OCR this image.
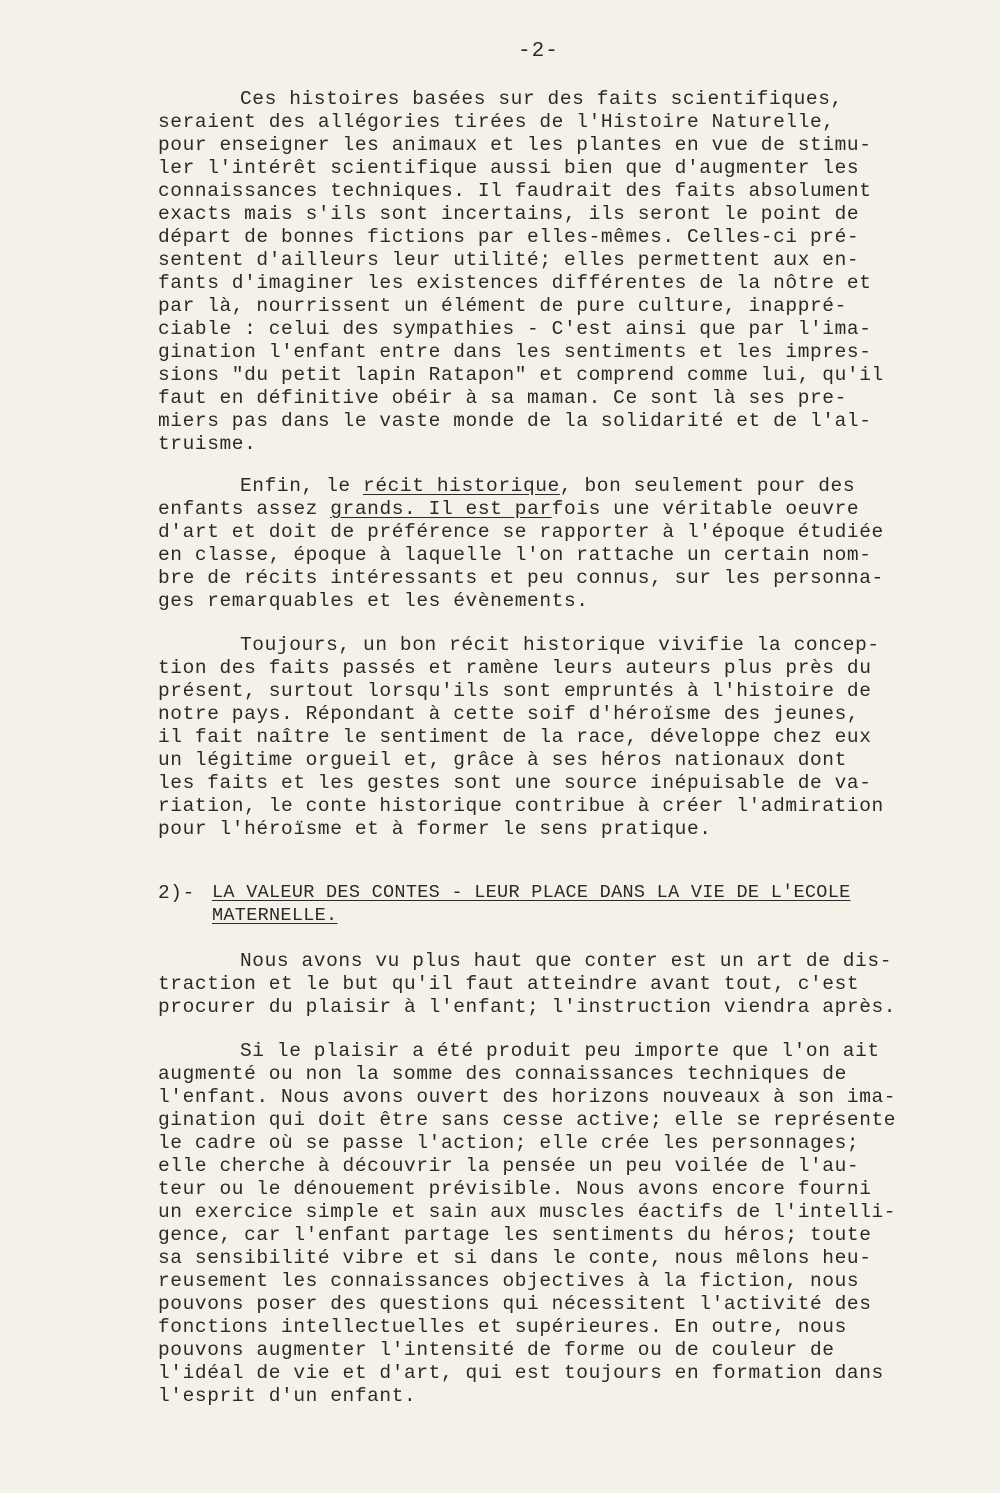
-2-
Ces histoires basées sur des faits scientifiques,
seraient des allégories tirées de l'Histoire Naturelle,
pour enseigner les animaux et les plantes en vue de stimu-
ler l'intérêt scientifique aussi bien que d'augmenter les
connaissances techniques. Il faudrait des faits absolument
exacts mais s'ils sont incertains, ils seront le point de
départ de bonnes fictions par elles-mêmes. Celles-ci pré-
sentent d'ailleurs leur utilité; elles permettent aux en-
fants d'imaginer les existences différentes de la nôtre et
par là, nourrissent un élément de pure culture, inappré-
ciable : celui des sympathies - C'est ainsi que par l'ima-
gination l'enfant entre dans les sentiments et les impres-
sions "du petit lapin Ratapon" et comprend comme lui, qu'il
faut en définitive obéir à sa maman. Ce sont là ses pre-
miers pas dans le vaste monde de la solidarité et de l'al-
truisme.
Enfin, le récit historique, bon seulement pour des
enfants assez grands. Il est parfois une véritable oeuvre
d'art et doit de préférence se rapporter à l'époque étudiée
en classe, époque à laquelle l'on rattache un certain nom-
bre de récits intéressants et peu connus, sur les personna-
ges remarquables et les évènements.
Toujours, un bon récit historique vivifie la concep-
tion des faits passés et ramène leurs auteurs plus près du
présent, surtout lorsqu'ils sont empruntés à l'histoire de
notre pays. Répondant à cette soif d'héroïsme des jeunes,
il fait naître le sentiment de la race, développe chez eux
un légitime orgueil et, grâce à ses héros nationaux dont
les faits et les gestes sont une source inépuisable de va-
riation, le conte historique contribue à créer l'admiration
pour l'héroïsme et à former le sens pratique.
2)- LA VALEUR DES CONTES - LEUR PLACE DANS LA VIE DE L'ECOLE
MATERNELLE.
Nous avons vu plus haut que conter est un art de dis-
traction et le but qu'il faut atteindre avant tout, c'est
procurer du plaisir à l'enfant; l'instruction viendra après.
Si le plaisir a été produit peu importe que l'on ait
augmenté ou non la somme des connaissances techniques de
l'enfant. Nous avons ouvert des horizons nouveaux à son ima-
gination qui doit être sans cesse active; elle se représente
le cadre où se passe l'action; elle crée les personnages;
elle cherche à découvrir la pensée un peu voilée de l'au-
teur ou le dénouement prévisible. Nous avons encore fourni
un exercice simple et sain aux muscles éactifs de l'intelli-
gence, car l'enfant partage les sentiments du héros; toute
sa sensibilité vibre et si dans le conte, nous mêlons heu-
reusement les connaissances objectives à la fiction, nous
pouvons poser des questions qui nécessitent l'activité des
fonctions intellectuelles et supérieures. En outre, nous
pouvons augmenter l'intensité de forme ou de couleur de
l'idéal de vie et d'art, qui est toujours en formation dans
l'esprit d'un enfant.
